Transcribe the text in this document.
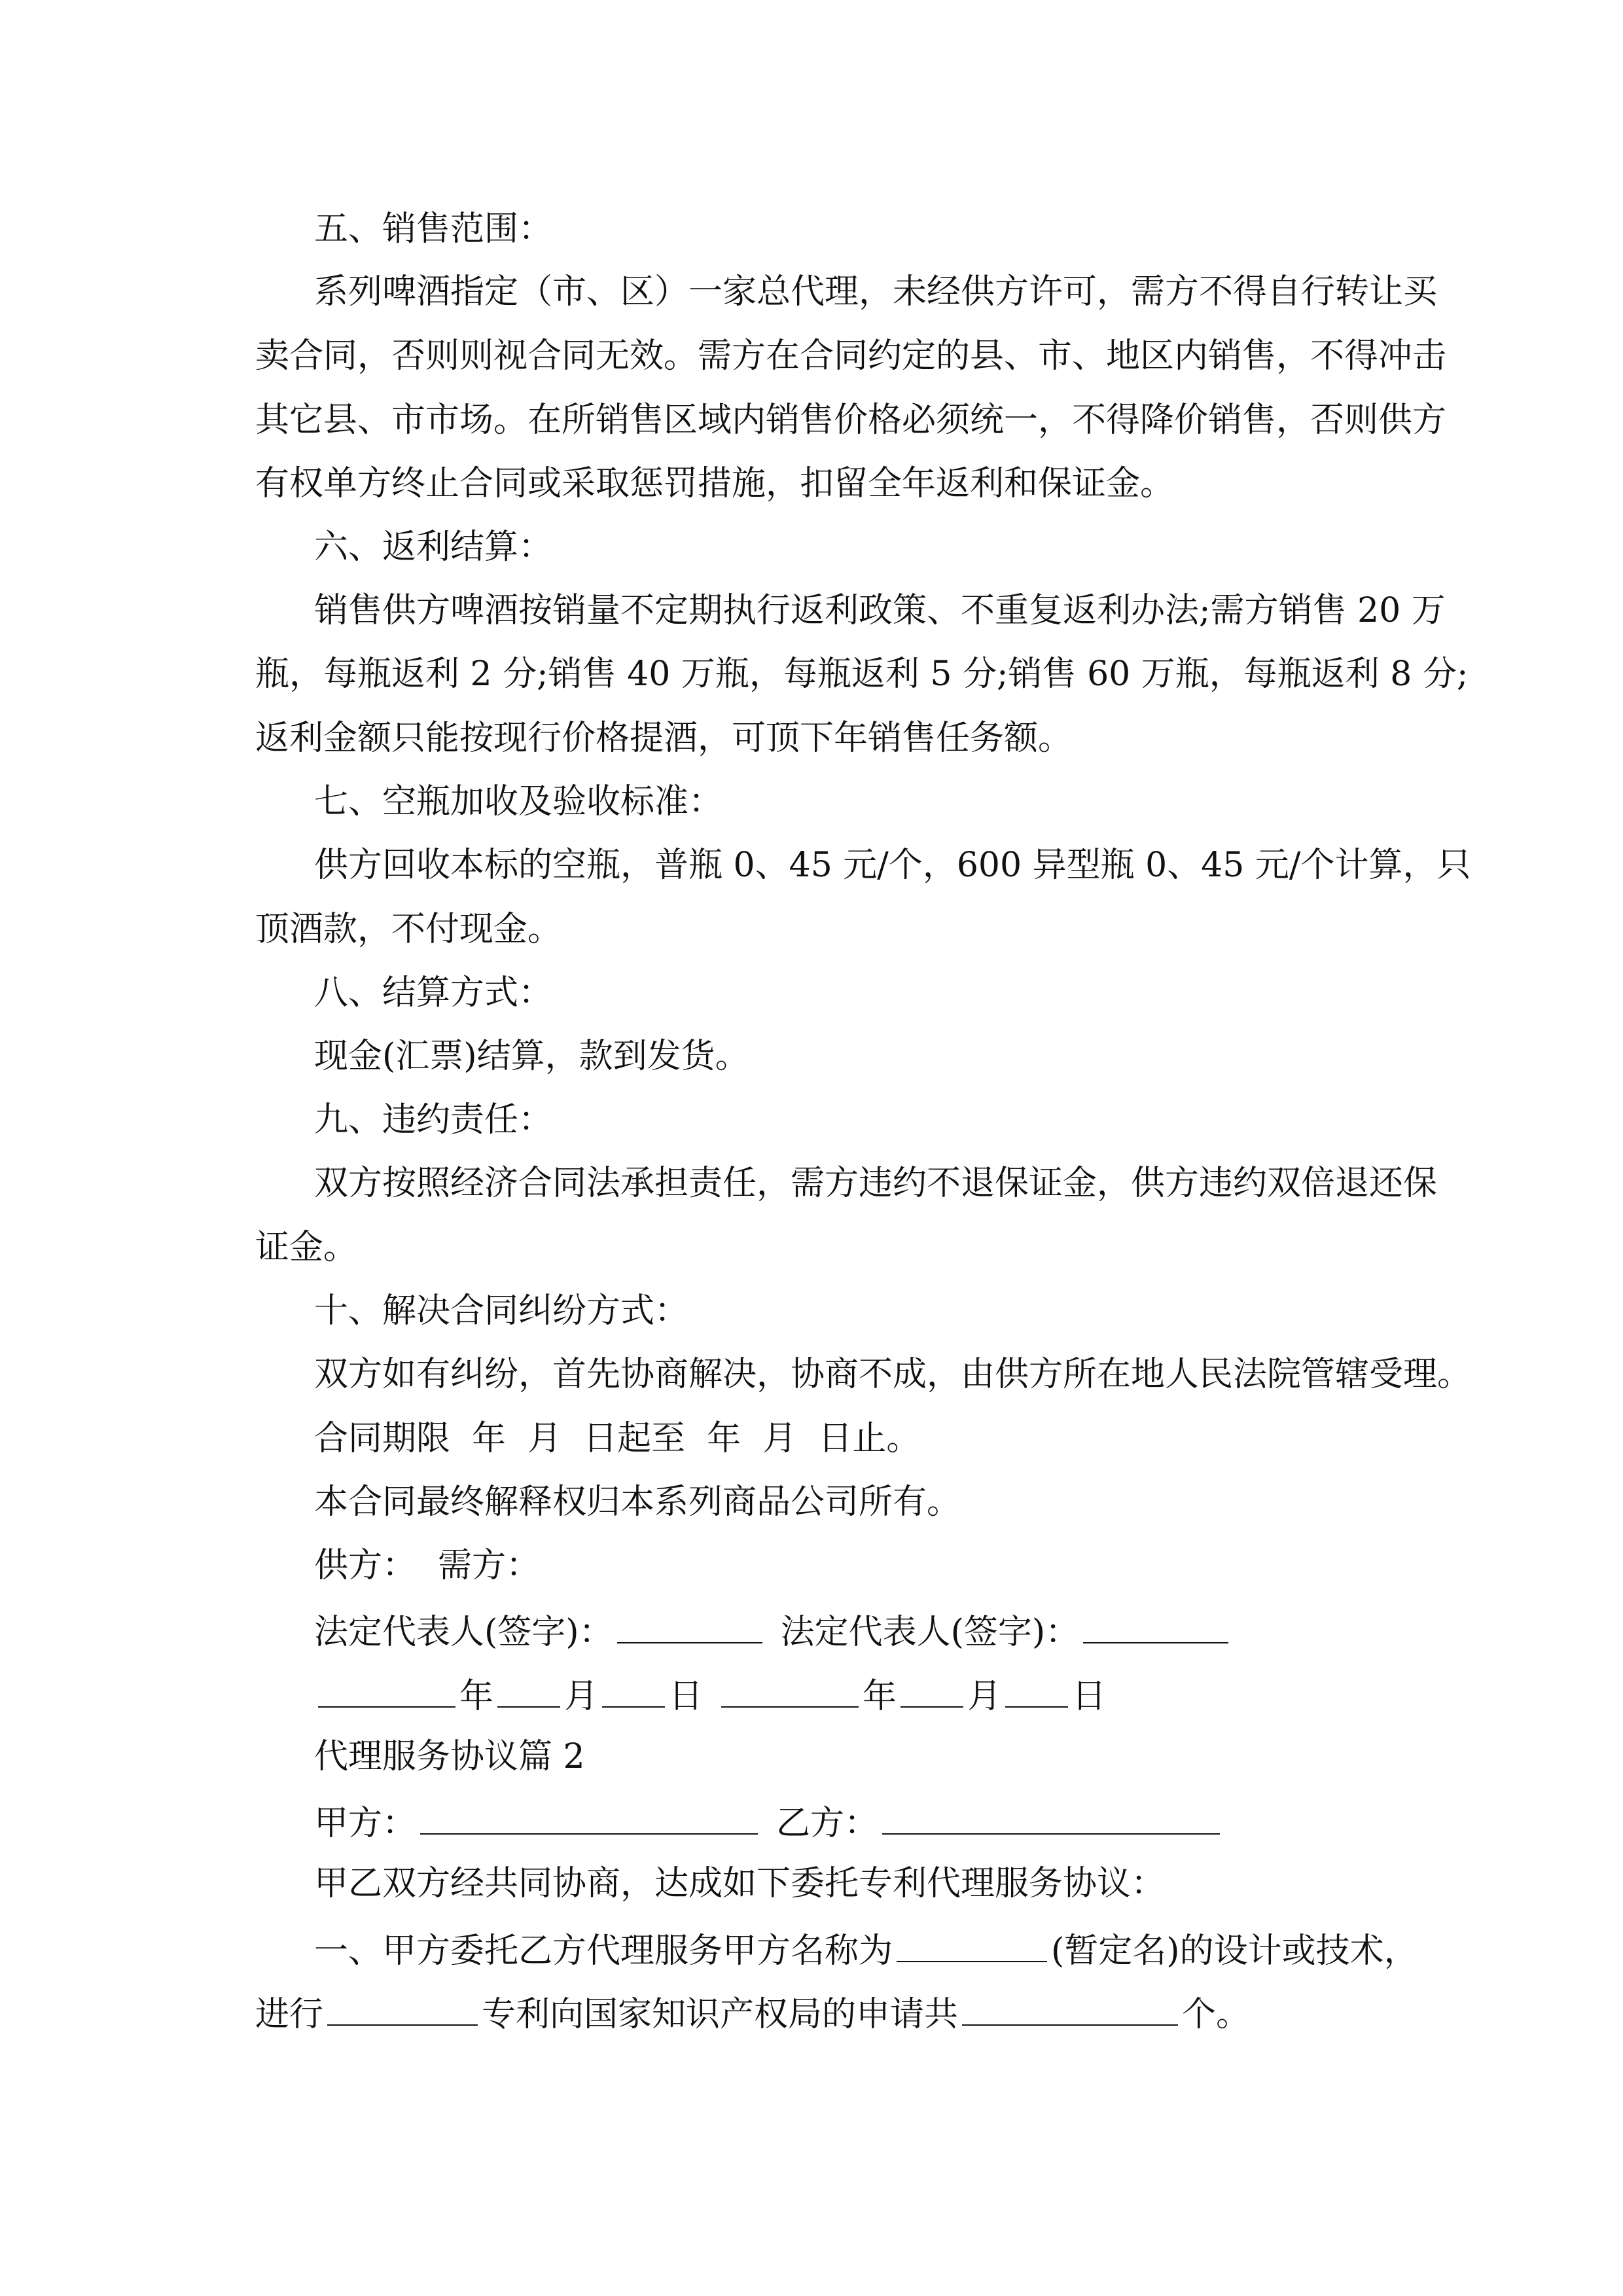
五、销售范围：
系列啤酒指定（市、区）一家总代理，未经供方许可，需方不得自行转让买
卖合同，否则则视合同无效。需方在合同约定的县、市、地区内销售，不得冲击
其它县、市市场。在所销售区域内销售价格必须统一，不得降价销售，否则供方
有权单方终止合同或采取惩罚措施，扣留全年返利和保证金。
六、返利结算：
销售供方啤酒按销量不定期执行返利政策、不重复返利办法;需方销售 20 万
瓶，每瓶返利 2 分;销售 40 万瓶，每瓶返利 5 分;销售 60 万瓶，每瓶返利 8 分;
返利金额只能按现行价格提酒，可顶下年销售任务额。
七、空瓶加收及验收标准：
供方回收本标的空瓶，普瓶 0、45 元/个，600 异型瓶 0、45 元/个计算，只
顶酒款，不付现金。
八、结算方式：
现金(汇票)结算，款到发货。
九、违约责任：
双方按照经济合同法承担责任，需方违约不退保证金，供方违约双倍退还保
证金。
十、解决合同纠纷方式：
双方如有纠纷，首先协商解决，协商不成，由供方所在地人民法院管辖受理。
合同期限  年  月  日起至  年  月  日止。
本合同最终解释权归本系列商品公司所有。
供方：  需方：
法定代表人(签字)：	法定代表人(签字)：
年 月 日	年 月 日
代理服务协议篇 2
甲方：	乙方：
甲乙双方经共同协商，达成如下委托专利代理服务协议：
一、甲方委托乙方代理服务甲方名称为	(暂定名)的设计或技术，
进行	专利向国家知识产权局的申请共	个。
